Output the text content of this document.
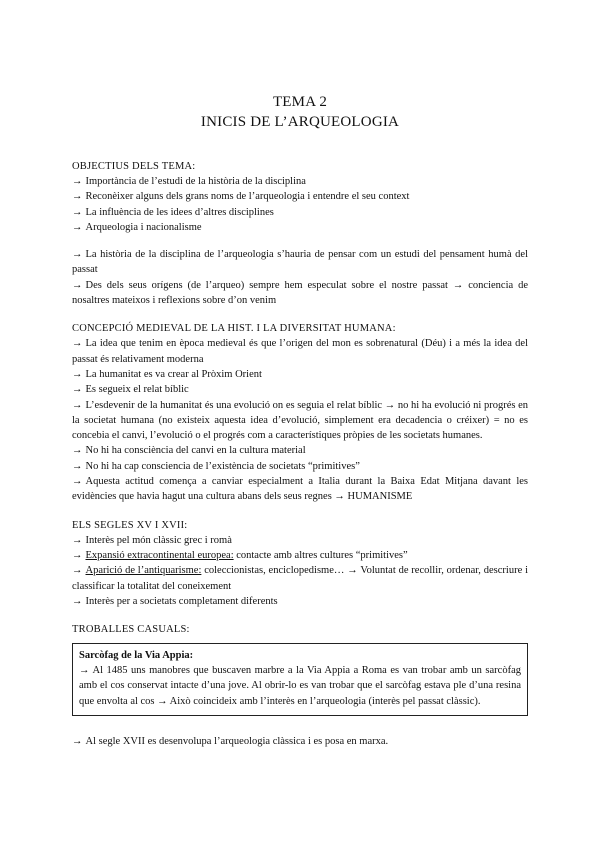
TEMA 2
INICIS DE L’ARQUEOLOGIA
OBJECTIUS DELS TEMA:
→ Importància de l’estudi de la història de la disciplina
→ Reconèixer alguns dels grans noms de l’arqueologia i entendre el seu context
→ La influència de les idees d’altres disciplines
→ Arqueologia i nacionalisme
→ La història de la disciplina de l’arqueologia s’hauria de pensar com un estudi del pensament humà del passat
→ Des dels seus orígens (de l’arqueo) sempre hem especulat sobre el nostre passat → conciencia de nosaltres mateixos i reflexions sobre d’on venim
CONCEPCIÓ MEDIEVAL DE LA HIST. I LA DIVERSITAT HUMANA:
→ La idea que tenim en època medieval és que l’origen del mon es sobrenatural (Déu) i a més la idea del passat és relativament moderna
→ La humanitat es va crear al Pròxim Orient
→ Es segueix el relat bíblic
→ L’esdevenir de la humanitat és una evolució on es seguia el relat bíblic → no hi ha evolució ni progrés en la societat humana (no existeix aquesta idea d’evolució, simplement era decadencia o créixer) = no es concebia el canvi, l’evolució o el progrés com a característiques pròpies de les societats humanes.
→ No hi ha consciència del canvi en la cultura material
→ No hi ha cap consciencia de l’existència de societats “primitives”
→ Aquesta actitud comença a canviar especialment a Italia durant la Baixa Edat Mitjana davant les evidències que havia hagut una cultura abans dels seus regnes → HUMANISME
ELS SEGLES XV I XVII:
→ Interès pel món clàssic grec i romà
→ Expansió extracontinental europea: contacte amb altres cultures “primitives”
→ Aparició de l’antiquarisme: coleccionistas, enciclopedisme… → Voluntat de recollir, ordenar, descriure i classificar la totalitat del coneixement
→ Interès per a societats completament diferents
TROBALLES CASUALS:
Sarcòfag de la Via Appia:
→ Al 1485 uns manobres que buscaven marbre a la Via Appia a Roma es van trobar amb un sarcòfag amb el cos conservat intacte d’una jove. Al obrir-lo es van trobar que el sarcòfag estava ple d’una resina que envolta al cos → Això coincideix amb l’interès en l’arqueologia (interès pel passat clàssic).
→ Al segle XVII es desenvolupa l’arqueologia clàssica i es posa en marxa.
